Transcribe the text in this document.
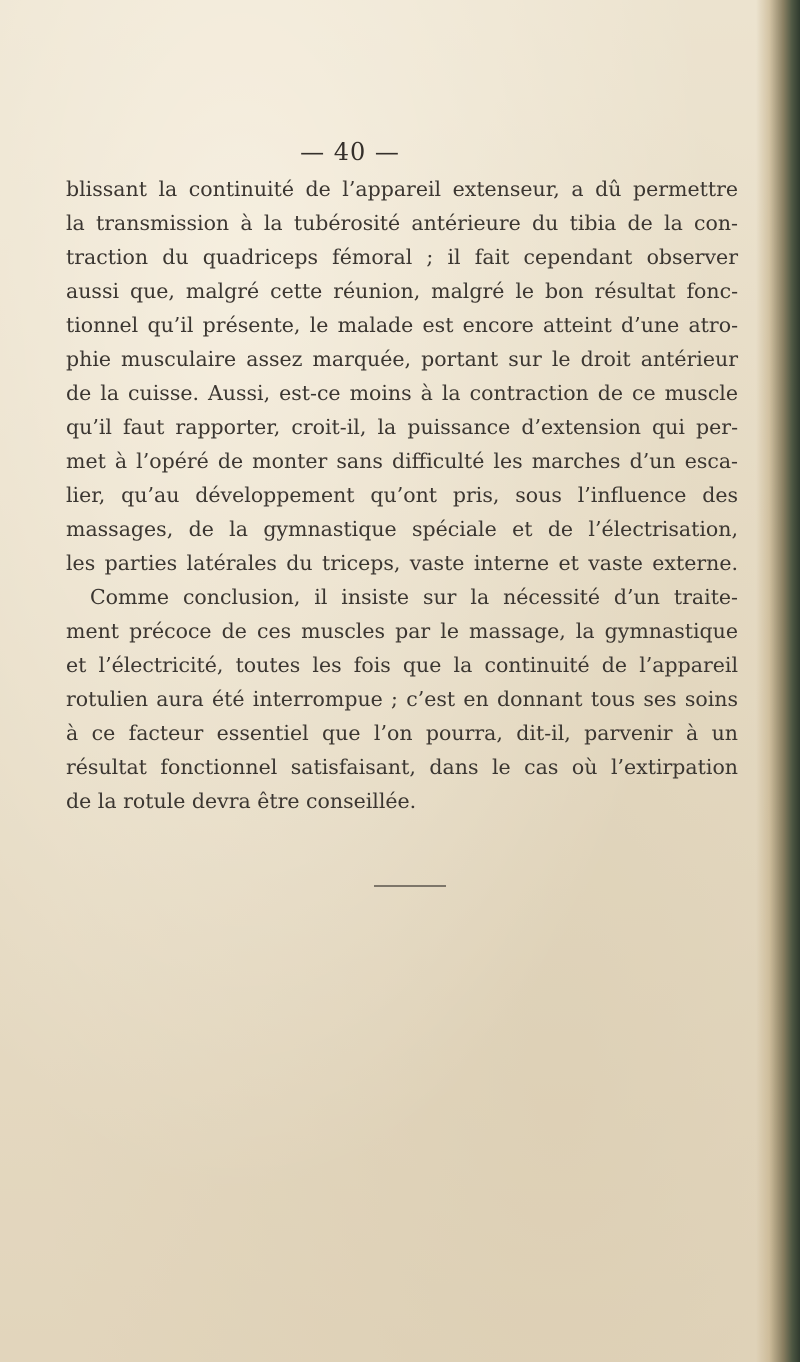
— 40 —
blissant la continuité de l’appareil extenseur, a dû permettre
la transmission à la tubérosité antérieure du tibia de la con-
traction du quadriceps fémoral ; il fait cependant observer
aussi que, malgré cette réunion, malgré le bon résultat fonc-
tionnel qu’il présente, le malade est encore atteint d’une atro-
phie musculaire assez marquée, portant sur le droit antérieur
de la cuisse. Aussi, est-ce moins à la contraction de ce muscle
qu’il faut rapporter, croit-il, la puissance d’extension qui per-
met à l’opéré de monter sans difficulté les marches d’un esca-
lier, qu’au développement qu’ont pris, sous l’influence des
massages, de la gymnastique spéciale et de l’électrisation,
les parties latérales du triceps, vaste interne et vaste externe.
Comme conclusion, il insiste sur la nécessité d’un traite-
ment précoce de ces muscles par le massage, la gymnastique
et l’électricité, toutes les fois que la continuité de l’appareil
rotulien aura été interrompue ; c’est en donnant tous ses soins
à ce facteur essentiel que l’on pourra, dit-il, parvenir à un
résultat fonctionnel satisfaisant, dans le cas où l’extirpation
de la rotule devra être conseillée.
